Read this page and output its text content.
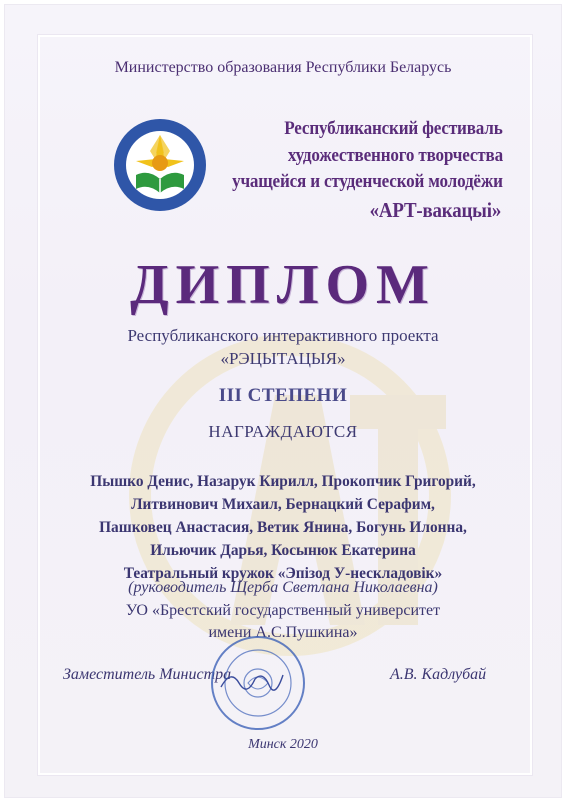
Министерство образования Республики Беларусь
Республиканский фестиваль
художественного творчества
учащейся и студенческой молодёжи
«АРТ-вакацыі»
ДИПЛОМ
Республиканского интерактивного проекта
«РЭЦЫТАЦЫЯ»
III СТЕПЕНИ
НАГРАЖДАЮТСЯ
Пышко Денис, Назарук Кирилл, Прокопчик Григорий,
Литвинович Михаил, Бернацкий Серафим,
Пашковец Анастасия, Ветик Янина, Богунь Илонна,
Ильючик Дарья, Косынюк Екатерина
Театральный кружок «Эпізод У-нескладовік»
(руководитель Щерба Светлана Николаевна)
УО «Брестский государственный университет
имени А.С.Пушкина»
Заместитель Министра	А.В. Кадлубай
Минск 2020
